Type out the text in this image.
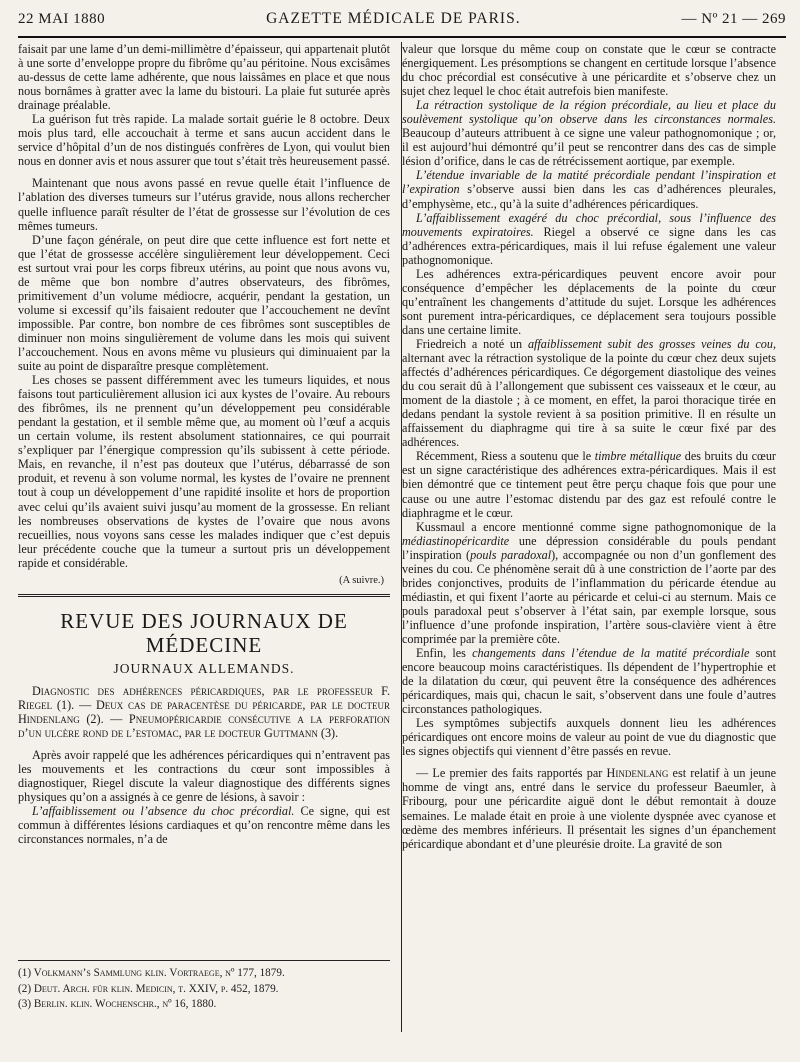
22 MAI 1880	GAZETTE MÉDICALE DE PARIS.	— Nº 21 — 269

faisait par une lame d’un demi-millimètre d’épaisseur, qui appartenait plutôt à une sorte d’enveloppe propre du fibrôme qu’au péritoine. Nous excisâmes au-dessus de cette lame adhérente, que nous laissâmes en place et que nous nous bornâmes à gratter avec la lame du bistouri. La plaie fut suturée après drainage préalable.

La guérison fut très rapide. La malade sortait guérie le 8 octobre. Deux mois plus tard, elle accouchait à terme et sans aucun accident dans le service d’hôpital d’un de nos distingués confrères de Lyon, qui voulut bien nous en donner avis et nous assurer que tout s’était très heureusement passé.

Maintenant que nous avons passé en revue quelle était l’influence de l’ablation des diverses tumeurs sur l’utérus gravide, nous allons rechercher quelle influence paraît résulter de l’état de grossesse sur l’évolution de ces mêmes tumeurs.

D’une façon générale, on peut dire que cette influence est fort nette et que l’état de grossesse accélère singulièrement leur développement. Ceci est surtout vrai pour les corps fibreux utérins, au point que nous avons vu, de même que bon nombre d’autres observateurs, des fibrômes, primitivement d’un volume médiocre, acquérir, pendant la gestation, un volume si excessif qu’ils faisaient redouter que l’accouchement ne devînt impossible. Par contre, bon nombre de ces fibrômes sont susceptibles de diminuer non moins singulièrement de volume dans les mois qui suivent l’accouchement. Nous en avons même vu plusieurs qui diminuaient par la suite au point de disparaître presque complètement.

Les choses se passent différemment avec les tumeurs liquides, et nous faisons tout particulièrement allusion ici aux kystes de l’ovaire. Au rebours des fibrômes, ils ne prennent qu’un développement peu considérable pendant la gestation, et il semble même que, au moment où l’œuf a acquis un certain volume, ils restent absolument stationnaires, ce qui pourrait s’expliquer par l’énergique compression qu’ils subissent à cette période. Mais, en revanche, il n’est pas douteux que l’utérus, débarrassé de son produit, et revenu à son volume normal, les kystes de l’ovaire ne prennent tout à coup un développement d’une rapidité insolite et hors de proportion avec celui qu’ils avaient suivi jusqu’au moment de la grossesse. En reliant les nombreuses observations de kystes de l’ovaire que nous avons recueillies, nous voyons sans cesse les malades indiquer que c’est depuis leur précédente couche que la tumeur a surtout pris un développement rapide et considérable.

(A suivre.)
REVUE DES JOURNAUX DE MÉDECINE
JOURNAUX ALLEMANDS.

Diagnostic des adhérences péricardiques, par le professeur F. Riegel (1). — Deux cas de paracentèse du péricarde, par le docteur Hindenlang (2). — Pneumopéricardie consécutive a la perforation d’un ulcère rond de l’estomac, par le docteur Guttmann (3).

Après avoir rappelé que les adhérences péricardiques qui n’entravent pas les mouvements et les contractions du cœur sont impossibles à diagnostiquer, Riegel discute la valeur diagnostique des différents signes physiques qu’on a assignés à ce genre de lésions, à savoir :

L’affaiblissement ou l’absence du choc précordial. Ce signe, qui est commun à différentes lésions cardiaques et qu’on rencontre même dans les circonstances normales, n’a de

(1) Volkmann’s Sammlung klin. Vortraege, nº 177, 1879.

(2) Deut. Arch. für klin. Medicin, t. XXIV, p. 452, 1879.

(3) Berlin. klin. Wochenschr., nº 16, 1880.

valeur que lorsque du même coup on constate que le cœur se contracte énergiquement. Les présomptions se changent en certitude lorsque l’absence du choc précordial est consécutive à une péricardite et s’observe chez un sujet chez lequel le choc était autrefois bien manifeste.

La rétraction systolique de la région précordiale, au lieu et place du soulèvement systolique qu’on observe dans les circonstances normales. Beaucoup d’auteurs attribuent à ce signe une valeur pathognomonique ; or, il est aujourd’hui démontré qu’il peut se rencontrer dans des cas de simple lésion d’orifice, dans le cas de rétrécissement aortique, par exemple.

L’étendue invariable de la matité précordiale pendant l’inspiration et l’expiration s’observe aussi bien dans les cas d’adhérences pleurales, d’emphysème, etc., qu’à la suite d’adhérences péricardiques.

L’affaiblissement exagéré du choc précordial, sous l’influence des mouvements expiratoires. Riegel a observé ce signe dans les cas d’adhérences extra-péricardiques, mais il lui refuse également une valeur pathognomonique.

Les adhérences extra-péricardiques peuvent encore avoir pour conséquence d’empêcher les déplacements de la pointe du cœur qu’entraînent les changements d’attitude du sujet. Lorsque les adhérences sont purement intra-péricardiques, ce déplacement sera toujours possible dans une certaine limite.

Friedreich a noté un affaiblissement subit des grosses veines du cou, alternant avec la rétraction systolique de la pointe du cœur chez deux sujets affectés d’adhérences péricardiques. Ce dégorgement diastolique des veines du cou serait dû à l’allongement que subissent ces vaisseaux et le cœur, au moment de la diastole ; à ce moment, en effet, la paroi thoracique tirée en dedans pendant la systole revient à sa position primitive. Il en résulte un affaissement du diaphragme qui tire à sa suite le cœur fixé par des adhérences.

Récemment, Riess a soutenu que le timbre métallique des bruits du cœur est un signe caractéristique des adhérences extra-péricardiques. Mais il est bien démontré que ce tintement peut être perçu chaque fois que pour une cause ou une autre l’estomac distendu par des gaz est refoulé contre le diaphragme et le cœur.

Kussmaul a encore mentionné comme signe pathognomonique de la médiastinopéricardite une dépression considérable du pouls pendant l’inspiration (pouls paradoxal), accompagnée ou non d’un gonflement des veines du cou. Ce phénomène serait dû à une constriction de l’aorte par des brides conjonctives, produits de l’inflammation du péricarde étendue au médiastin, et qui fixent l’aorte au péricarde et celui-ci au sternum. Mais ce pouls paradoxal peut s’observer à l’état sain, par exemple lorsque, sous l’influence d’une profonde inspiration, l’artère sous-clavière vient à être comprimée par la première côte.

Enfin, les changements dans l’étendue de la matité précordiale sont encore beaucoup moins caractéristiques. Ils dépendent de l’hypertrophie et de la dilatation du cœur, qui peuvent être la conséquence des adhérences péricardiques, mais qui, chacun le sait, s’observent dans une foule d’autres circonstances pathologiques.

Les symptômes subjectifs auxquels donnent lieu les adhérences péricardiques ont encore moins de valeur au point de vue du diagnostic que les signes objectifs qui viennent d’être passés en revue.

— Le premier des faits rapportés par Hindenlang est relatif à un jeune homme de vingt ans, entré dans le service du professeur Baeumler, à Fribourg, pour une péricardite aiguë dont le début remontait à douze semaines. Le malade était en proie à une violente dyspnée avec cyanose et œdème des membres inférieurs. Il présentait les signes d’un épanchement péricardique abondant et d’une pleurésie droite. La gravité de son
